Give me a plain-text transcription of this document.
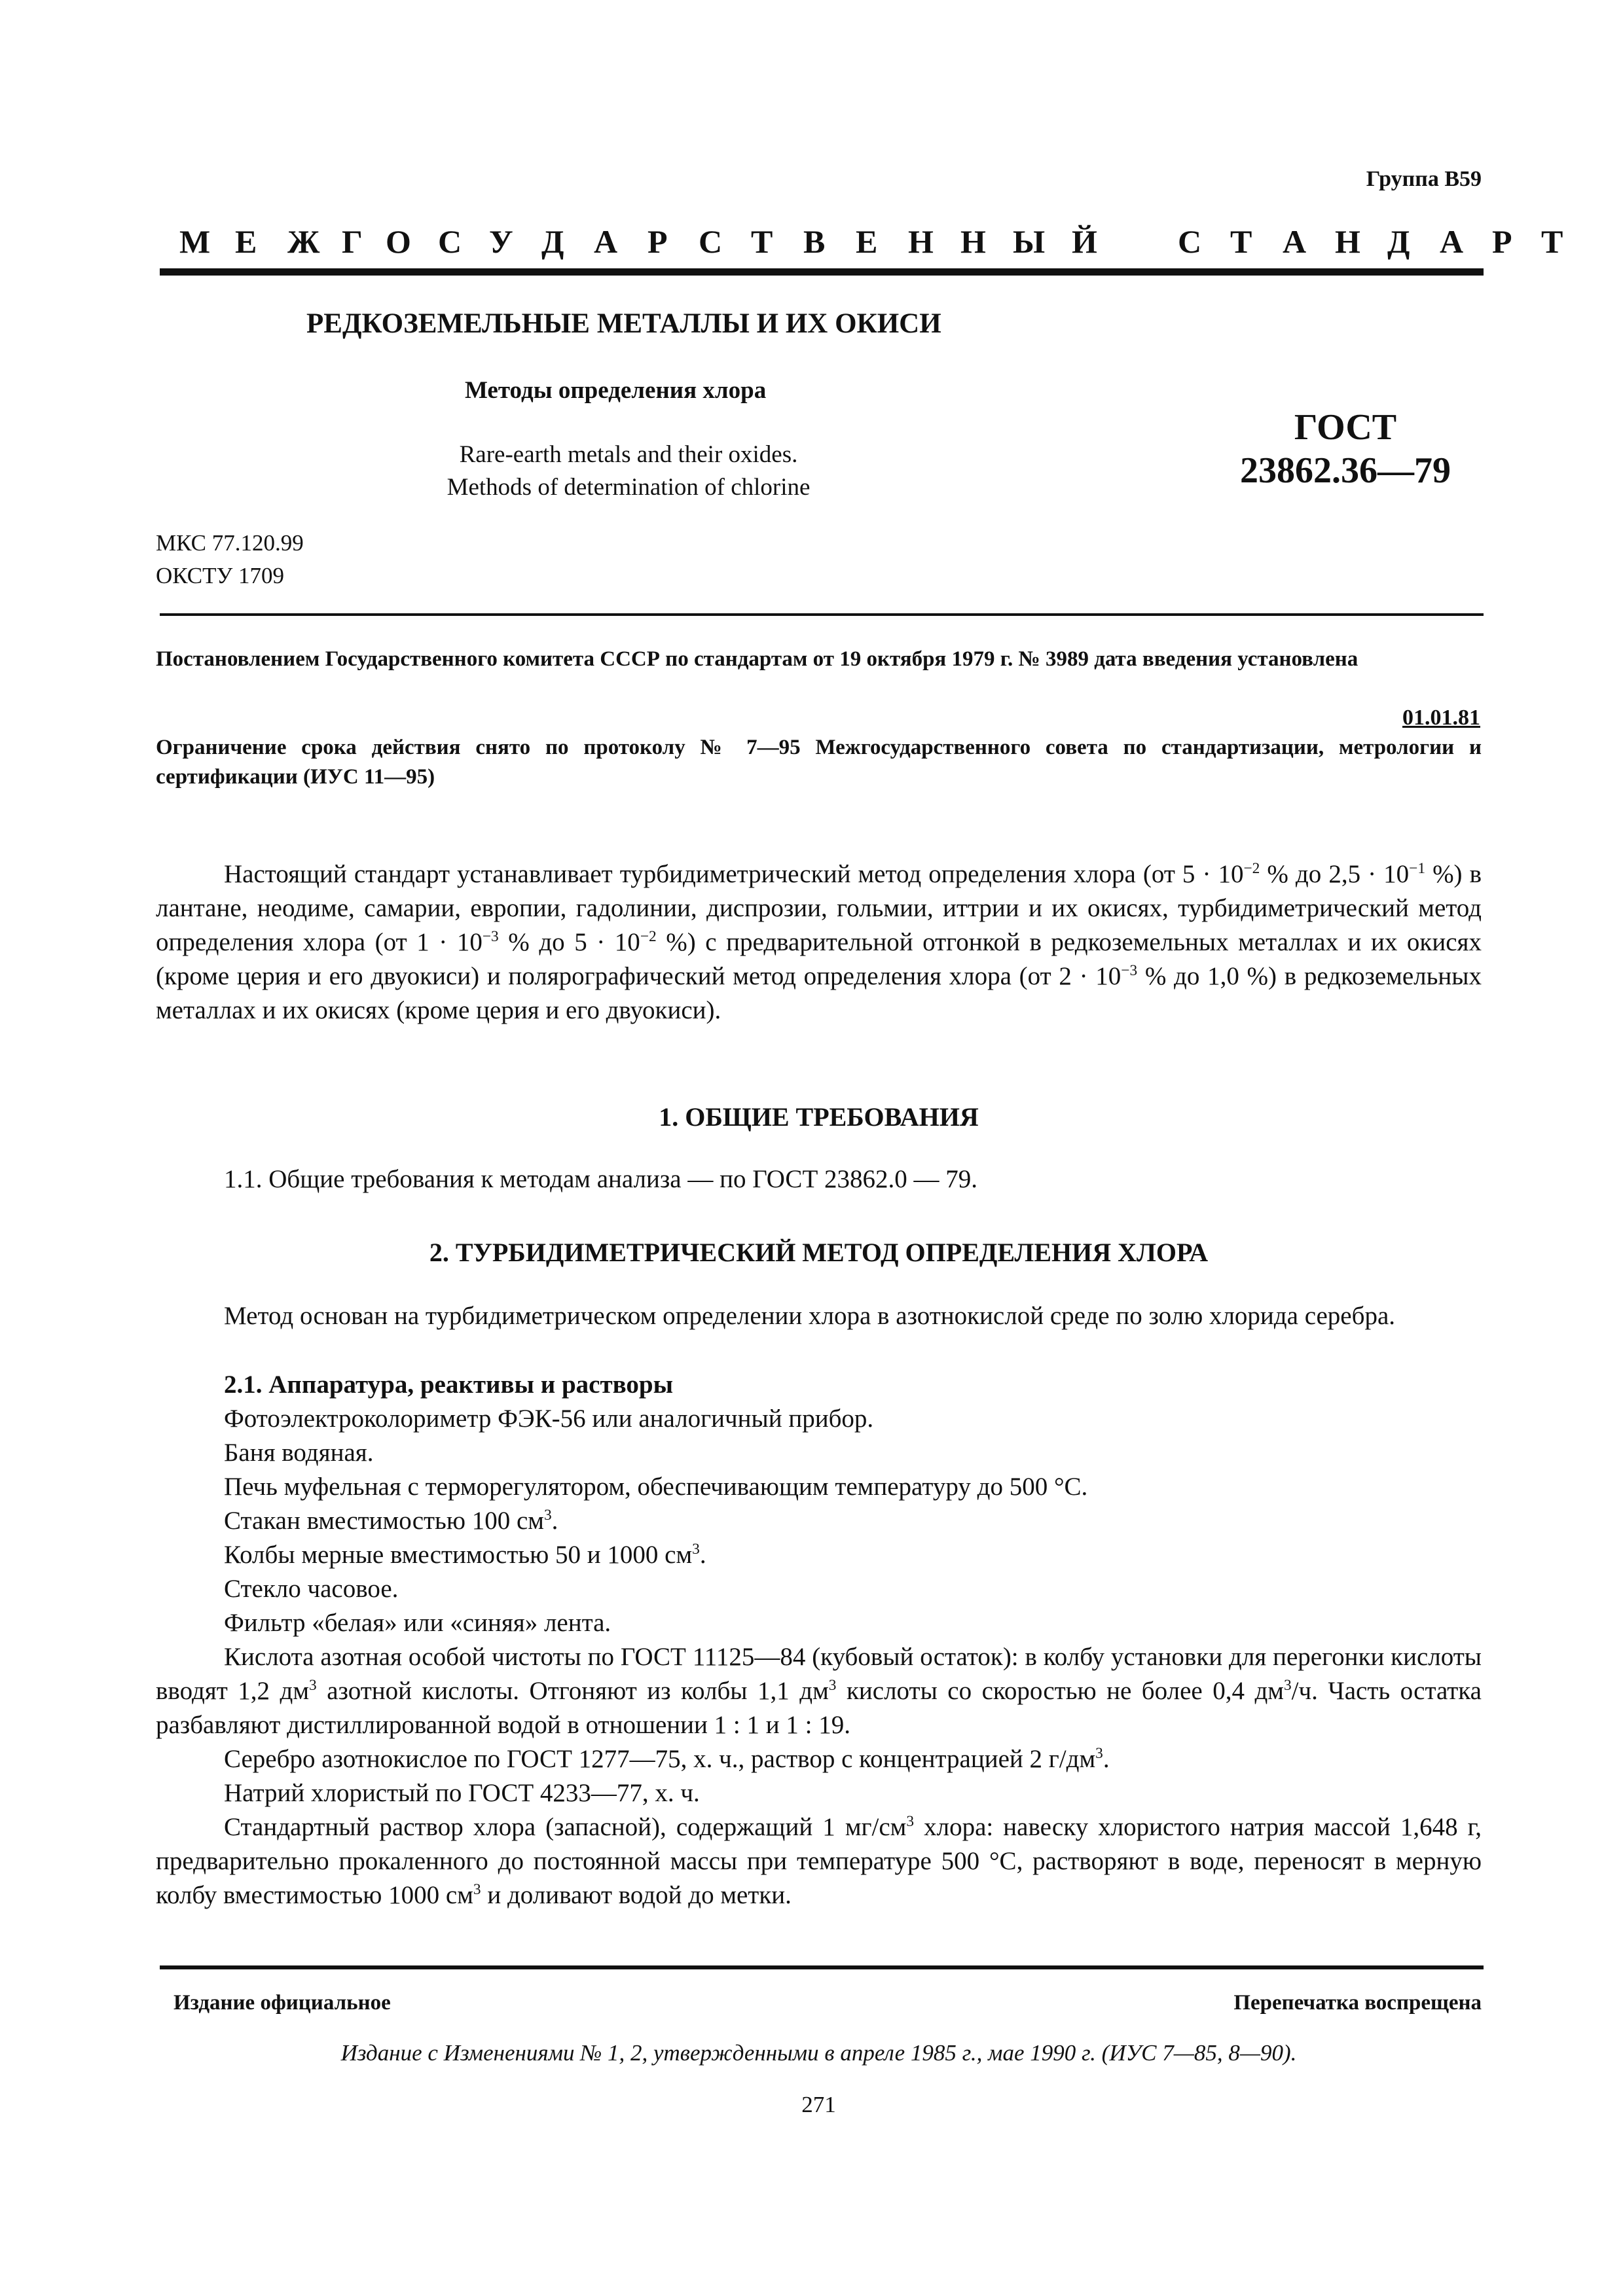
Группа В59
М Е Ж Г О С У Д А Р С Т В Е Н Н Ы Й С Т А Н Д А Р Т
РЕДКОЗЕМЕЛЬНЫЕ МЕТАЛЛЫ И ИХ ОКИСИ
Методы определения хлора
Rare-earth metals and their oxides.
Methods of determination of chlorine
ГОСТ
23862.36—79
МКС 77.120.99
ОКСТУ 1709
Постановлением Государственного комитета СССР по стандартам от 19 октября 1979 г. № 3989 дата введения установлена
01.01.81
Ограничение срока действия снято по протоколу № 7—95 Межгосударственного совета по стандартизации, метрологии и сертификации (ИУС 11—95)
Настоящий стандарт устанавливает турбидиметрический метод определения хлора (от $5 \cdot 10^{-2}$ % до $2,5 \cdot 10^{-1}$ %) в лантане, неодиме, самарии, европии, гадолинии, диспрозии, гольмии, иттрии и их окисях, турбидиметрический метод определения хлора (от $1 \cdot 10^{-3}$ % до $5 \cdot 10^{-2}$ %) с предварительной отгонкой в редкоземельных металлах и их окисях (кроме церия и его двуокиси) и полярографический метод определения хлора (от $2 \cdot 10^{-3}$ % до 1,0 %) в редкоземельных металлах и их окисях (кроме церия и его двуокиси).
1. ОБЩИЕ ТРЕБОВАНИЯ
1.1. Общие требования к методам анализа — по ГОСТ 23862.0 — 79.
2. ТУРБИДИМЕТРИЧЕСКИЙ МЕТОД ОПРЕДЕЛЕНИЯ ХЛОРА
Метод основан на турбидиметрическом определении хлора в азотнокислой среде по золю хлорида серебра.
2.1. Аппаратура, реактивы и растворы
Фотоэлектроколориметр ФЭК-56 или аналогичный прибор.
Баня водяная.
Печь муфельная с терморегулятором, обеспечивающим температуру до 500 °С.
Стакан вместимостью 100 $см^3$.
Колбы мерные вместимостью 50 и 1000 $см^3$.
Стекло часовое.
Фильтр «белая» или «синяя» лента.
Кислота азотная особой чистоты по ГОСТ 11125—84 (кубовый остаток): в колбу установки для перегонки кислоты вводят 1,2 $дм^3$ азотной кислоты. Отгоняют из колбы 1,1 $дм^3$ кислоты со скоростью не более 0,4 $дм^3/ч$. Часть остатка разбавляют дистиллированной водой в отношении 1 : 1 и 1 : 19.
Серебро азотнокислое по ГОСТ 1277—75, х. ч., раствор с концентрацией 2 $г/дм^3$.
Натрий хлористый по ГОСТ 4233—77, х. ч.
Стандартный раствор хлора (запасной), содержащий 1 $мг/см^3$ хлора: навеску хлористого натрия массой 1,648 г, предварительно прокаленного до постоянной массы при температуре 500 °С, растворяют в воде, переносят в мерную колбу вместимостью 1000 $см^3$ и доливают водой до метки.
Издание официальное	Перепечатка воспрещена
Издание с Изменениями № 1, 2, утвержденными в апреле 1985 г., мае 1990 г. (ИУС 7—85, 8—90).
271
